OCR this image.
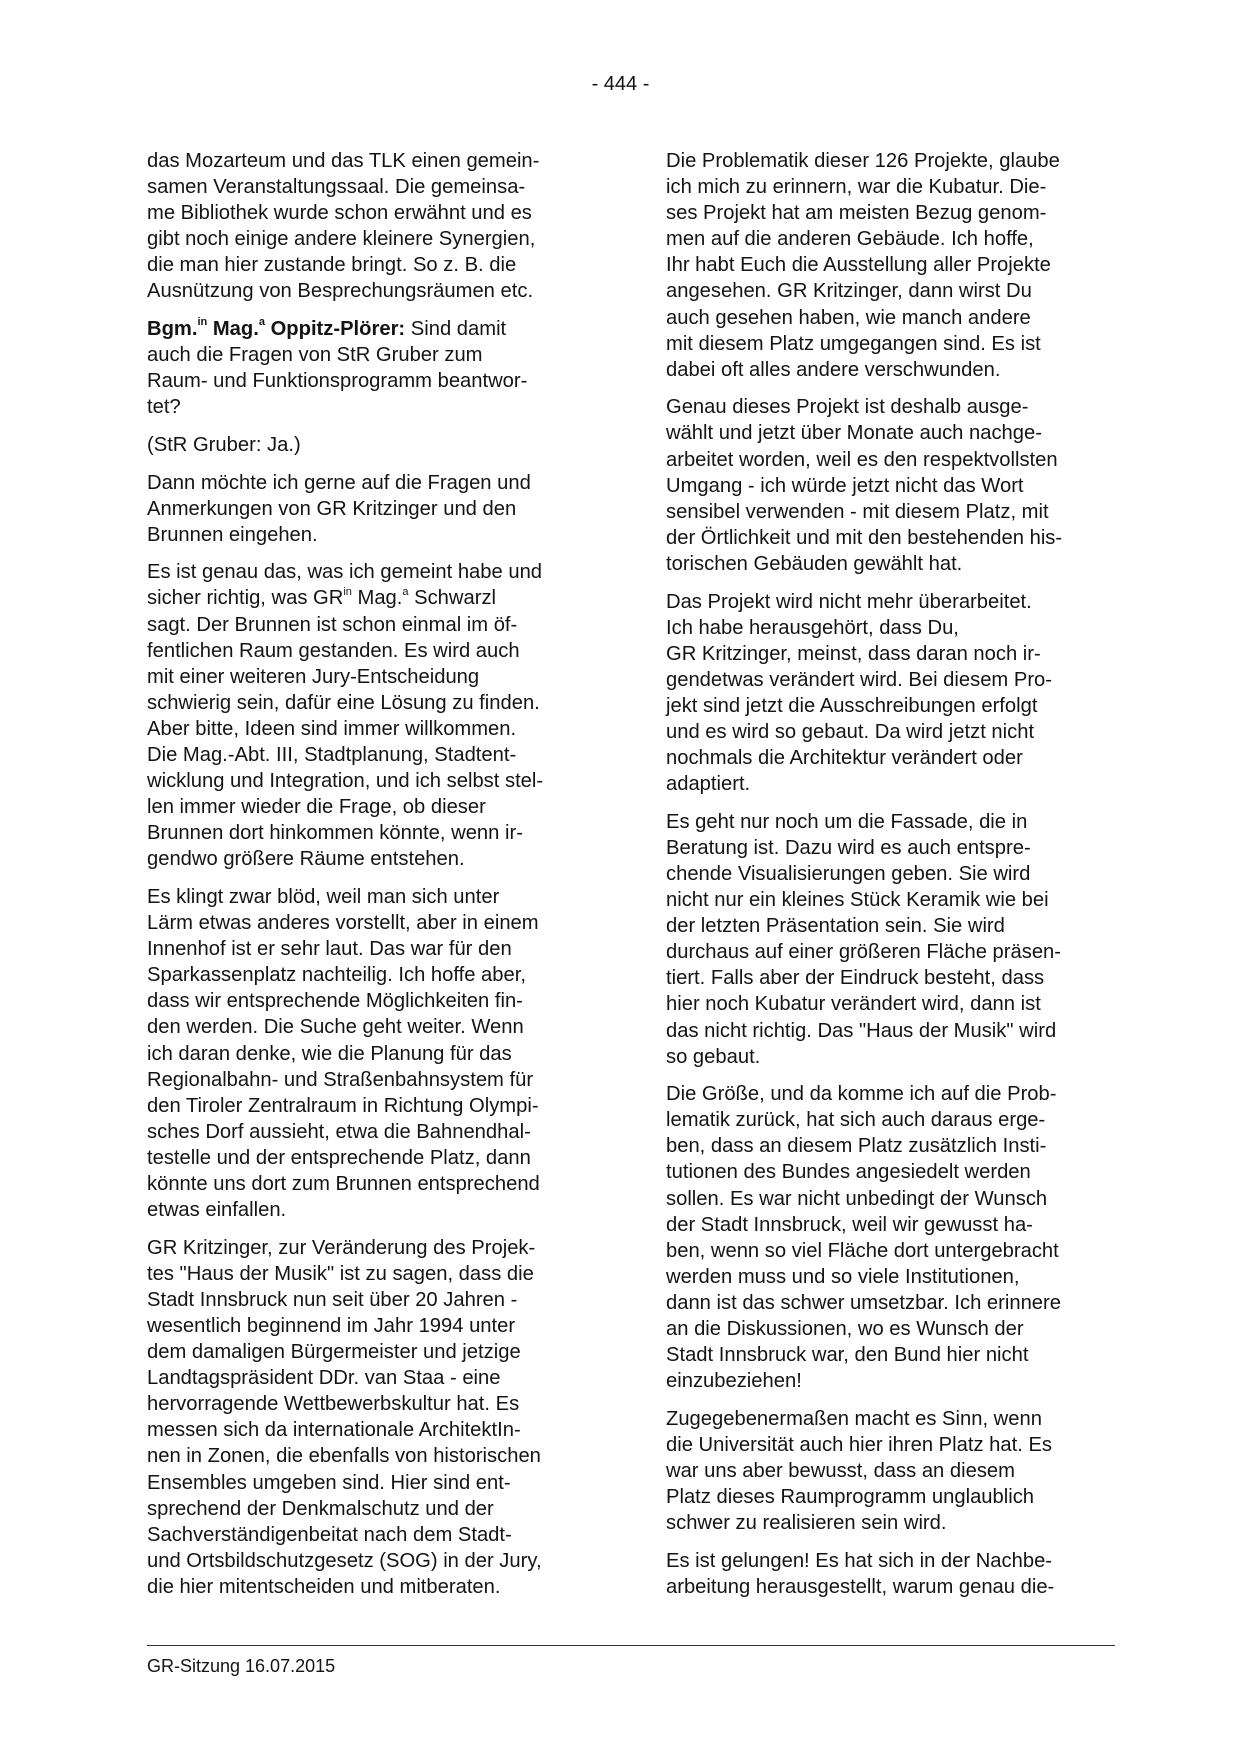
- 444 -

das Mozarteum und das TLK einen gemein-
samen Veranstaltungssaal. Die gemeinsa-
me Bibliothek wurde schon erwähnt und es
gibt noch einige andere kleinere Synergien,
die man hier zustande bringt. So z. B. die
Ausnützung von Besprechungsräumen etc.

Bgm.$^{in}$ Mag.$^a$ Oppitz-Plörer: Sind damit
auch die Fragen von StR Gruber zum
Raum- und Funktionsprogramm beantwor-
tet?

(StR Gruber: Ja.)

Dann möchte ich gerne auf die Fragen und
Anmerkungen von GR Kritzinger und den
Brunnen eingehen.

Es ist genau das, was ich gemeint habe und
sicher richtig, was $GR^{in}$ Mag.$^a$ Schwarzl
sagt. Der Brunnen ist schon einmal im öf-
fentlichen Raum gestanden. Es wird auch
mit einer weiteren Jury-Entscheidung
schwierig sein, dafür eine Lösung zu finden.
Aber bitte, Ideen sind immer willkommen.
Die Mag.-Abt. III, Stadtplanung, Stadtent-
wicklung und Integration, und ich selbst stel-
len immer wieder die Frage, ob dieser
Brunnen dort hinkommen könnte, wenn ir-
gendwo größere Räume entstehen.

Es klingt zwar blöd, weil man sich unter
Lärm etwas anderes vorstellt, aber in einem
Innenhof ist er sehr laut. Das war für den
Sparkassenplatz nachteilig. Ich hoffe aber,
dass wir entsprechende Möglichkeiten fin-
den werden. Die Suche geht weiter. Wenn
ich daran denke, wie die Planung für das
Regionalbahn- und Straßenbahnsystem für
den Tiroler Zentralraum in Richtung Olympi-
sches Dorf aussieht, etwa die Bahnendhal-
testelle und der entsprechende Platz, dann
könnte uns dort zum Brunnen entsprechend
etwas einfallen.

GR Kritzinger, zur Veränderung des Projek-
tes "Haus der Musik" ist zu sagen, dass die
Stadt Innsbruck nun seit über 20 Jahren -
wesentlich beginnend im Jahr 1994 unter
dem damaligen Bürgermeister und jetzige
Landtagspräsident DDr. van Staa - eine
hervorragende Wettbewerbskultur hat. Es
messen sich da internationale ArchitektIn-
nen in Zonen, die ebenfalls von historischen
Ensembles umgeben sind. Hier sind ent-
sprechend der Denkmalschutz und der
Sachverständigenbeitat nach dem Stadt-
und Ortsbildschutzgesetz (SOG) in der Jury,
die hier mitentscheiden und mitberaten.

Die Problematik dieser 126 Projekte, glaube
ich mich zu erinnern, war die Kubatur. Die-
ses Projekt hat am meisten Bezug genom-
men auf die anderen Gebäude. Ich hoffe,
Ihr habt Euch die Ausstellung aller Projekte
angesehen. GR Kritzinger, dann wirst Du
auch gesehen haben, wie manch andere
mit diesem Platz umgegangen sind. Es ist
dabei oft alles andere verschwunden.

Genau dieses Projekt ist deshalb ausge-
wählt und jetzt über Monate auch nachge-
arbeitet worden, weil es den respektvollsten
Umgang - ich würde jetzt nicht das Wort
sensibel verwenden - mit diesem Platz, mit
der Örtlichkeit und mit den bestehenden his-
torischen Gebäuden gewählt hat.

Das Projekt wird nicht mehr überarbeitet.
Ich habe herausgehört, dass Du,
GR Kritzinger, meinst, dass daran noch ir-
gendetwas verändert wird. Bei diesem Pro-
jekt sind jetzt die Ausschreibungen erfolgt
und es wird so gebaut. Da wird jetzt nicht
nochmals die Architektur verändert oder
adaptiert.

Es geht nur noch um die Fassade, die in
Beratung ist. Dazu wird es auch entspre-
chende Visualisierungen geben. Sie wird
nicht nur ein kleines Stück Keramik wie bei
der letzten Präsentation sein. Sie wird
durchaus auf einer größeren Fläche präsen-
tiert. Falls aber der Eindruck besteht, dass
hier noch Kubatur verändert wird, dann ist
das nicht richtig. Das "Haus der Musik" wird
so gebaut.

Die Größe, und da komme ich auf die Prob-
lematik zurück, hat sich auch daraus erge-
ben, dass an diesem Platz zusätzlich Insti-
tutionen des Bundes angesiedelt werden
sollen. Es war nicht unbedingt der Wunsch
der Stadt Innsbruck, weil wir gewusst ha-
ben, wenn so viel Fläche dort untergebracht
werden muss und so viele Institutionen,
dann ist das schwer umsetzbar. Ich erinnere
an die Diskussionen, wo es Wunsch der
Stadt Innsbruck war, den Bund hier nicht
einzubeziehen!

Zugegebenermaßen macht es Sinn, wenn
die Universität auch hier ihren Platz hat. Es
war uns aber bewusst, dass an diesem
Platz dieses Raumprogramm unglaublich
schwer zu realisieren sein wird.

Es ist gelungen! Es hat sich in der Nachbe-
arbeitung herausgestellt, warum genau die-

GR-Sitzung 16.07.2015
